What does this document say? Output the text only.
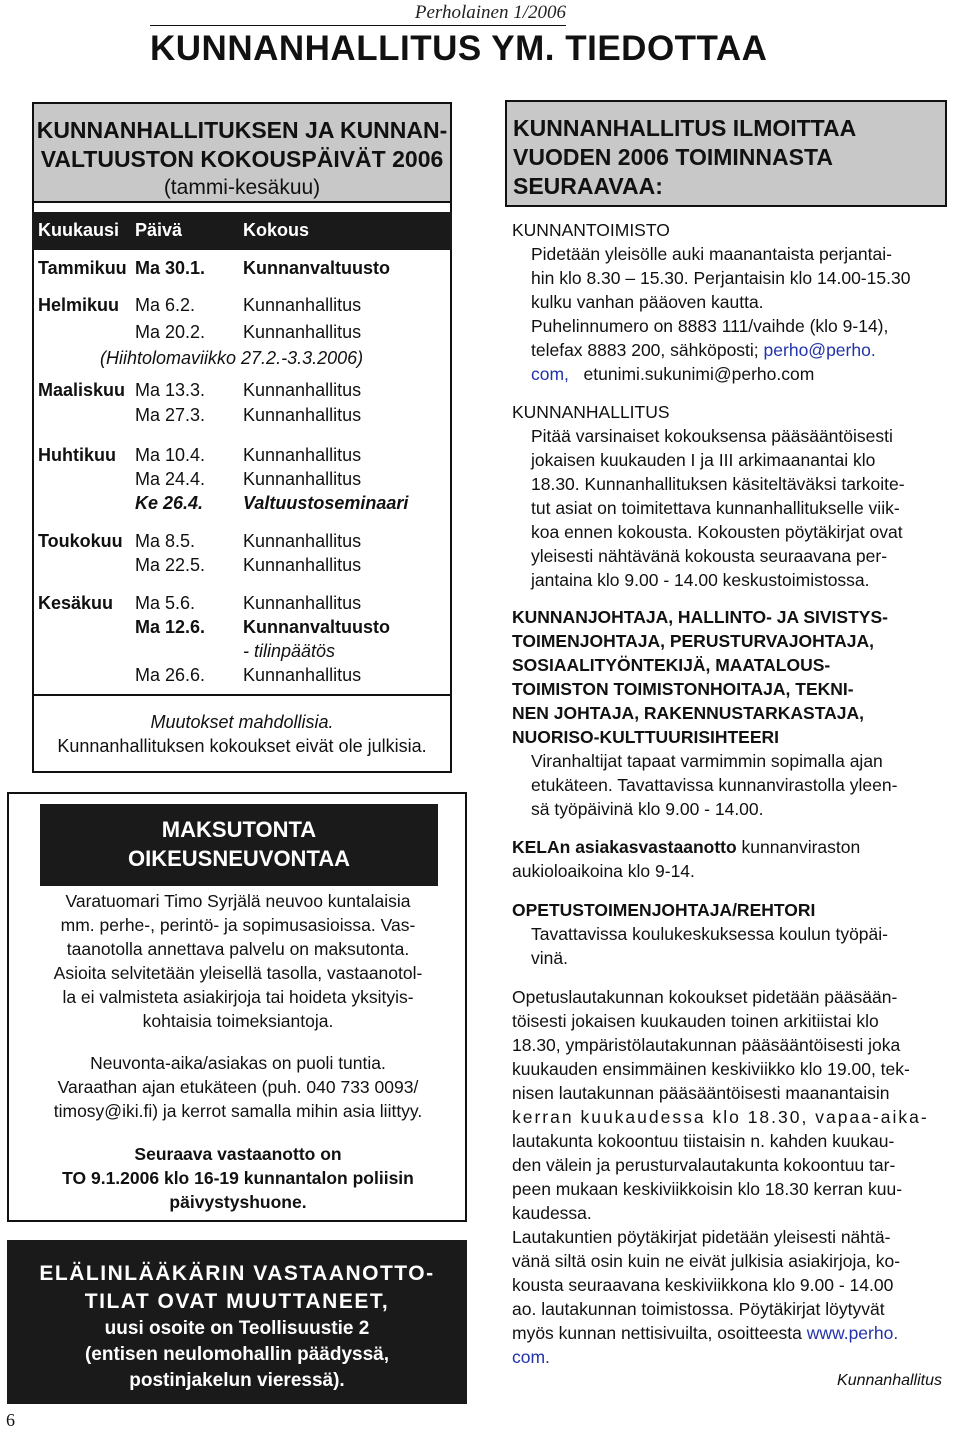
Perholainen 1/2006
KUNNANHALLITUS YM. TIEDOTTAA
KUNNANHALLITUKSEN JA KUNNAN-
VALTUUSTON KOKOUSPÄIVÄT 2006
(tammi-kesäkuu)
Kuukausi Päivä	Kokous
Tammikuu Ma 30.1. Kunnanvaltuusto
Helmikuu Ma 6.2.	Kunnanhallitus
Ma 20.2. Kunnanhallitus
(Hiihtolomaviikko 27.2.-3.3.2006)
Maaliskuu Ma 13.3. Kunnanhallitus
Ma 27.3. Kunnanhallitus
Huhtikuu Ma 10.4. Kunnanhallitus
Ma 24.4. Kunnanhallitus
Ke 26.4. Valtuustoseminaari
Toukokuu Ma 8.5.	Kunnanhallitus
Ma 22.5. Kunnanhallitus
Kesäkuu Ma 5.6.	Kunnanhallitus
Ma 12.6. Kunnanvaltuusto
- tilinpäätös
Ma 26.6. Kunnanhallitus
Muutokset mahdollisia.
Kunnanhallituksen kokoukset eivät ole julkisia.
MAKSUTONTA
OIKEUSNEUVONTAA
Varatuomari Timo Syrjälä neuvoo kuntalaisia
mm. perhe-, perintö- ja sopimusasioissa. Vas-
taanotolla annettava palvelu on maksutonta.
Asioita selvitetään yleisellä tasolla, vastaanotol-
la ei valmisteta asiakirjoja tai hoideta yksityis-
kohtaisia toimeksiantoja.
Neuvonta-aika/asiakas on puoli tuntia.
Varaathan ajan etukäteen (puh. 040 733 0093/
timosy@iki.fi) ja kerrot samalla mihin asia liittyy.
Seuraava vastaanotto on
TO 9.1.2006 klo 16-19 kunnantalon poliisin
päivystyshuone.
ELÄLINLÄÄKÄRIN VASTAANOTTO-
TILAT OVAT MUUTTANEET,
uusi osoite on Teollisuustie 2
(entisen neulomohallin päädyssä,
postinjakelun vieressä).
KUNNANHALLITUS ILMOITTAA
VUODEN 2006 TOIMINNASTA
SEURAAVAA:
KUNNANTOIMISTO
Pidetään yleisölle auki maanantaista perjantai-
hin klo 8.30 – 15.30. Perjantaisin klo 14.00-15.30
kulku vanhan pääoven kautta.
Puhelinnumero on 8883 111/vaihde (klo 9-14),
telefax 8883 200, sähköposti; perho@perho.
com, etunimi.sukunimi@perho.com
KUNNANHALLITUS
Pitää varsinaiset kokouksensa pääsääntöisesti
jokaisen kuukauden I ja III arkimaanantai klo
18.30. Kunnanhallituksen käsiteltäväksi tarkoite-
tut asiat on toimitettava kunnanhallitukselle viik-
koa ennen kokousta. Kokousten pöytäkirjat ovat
yleisesti nähtävänä kokousta seuraavana per-
jantaina klo 9.00 - 14.00 keskustoimistossa.
KUNNANJOHTAJA, HALLINTO- JA SIVISTYS-
TOIMENJOHTAJA, PERUSTURVAJOHTAJA,
SOSIAALITYÖNTEKIJÄ, MAATALOUS-
TOIMISTON TOIMISTONHOITAJA, TEKNI-
NEN JOHTAJA, RAKENNUSTARKASTAJA,
NUORISO-KULTTUURISIHTEERI
Viranhaltijat tapaat varmimmin sopimalla ajan
etukäteen. Tavattavissa kunnanvirastolla yleen-
sä työpäivinä klo 9.00 - 14.00.
KELAn asiakasvastaanotto kunnanviraston
aukioloaikoina klo 9-14.
OPETUSTOIMENJOHTAJA/REHTORI
Tavattavissa koulukeskuksessa koulun työpäi-
vinä.
Opetuslautakunnan kokoukset pidetään pääsään-
töisesti jokaisen kuukauden toinen arkitiistai klo
18.30, ympäristölautakunnan pääsääntöisesti joka
kuukauden ensimmäinen keskiviikko klo 19.00, tek-
nisen lautakunnan pääsääntöisesti maanantaisin
kerran kuukaudessa klo 18.30, vapaa-aika-
lautakunta kokoontuu tiistaisin n. kahden kuukau-
den välein ja perusturvalautakunta kokoontuu tar-
peen mukaan keskiviikkoisin klo 18.30 kerran kuu-
kaudessa.
Lautakuntien pöytäkirjat pidetään yleisesti nähtä-
vänä siltä osin kuin ne eivät julkisia asiakirjoja, ko-
kousta seuraavana keskiviikkona klo 9.00 - 14.00
ao. lautakunnan toimistossa. Pöytäkirjat löytyvät
myös kunnan nettisivuilta, osoitteesta www.perho.
com.
Kunnanhallitus
6
